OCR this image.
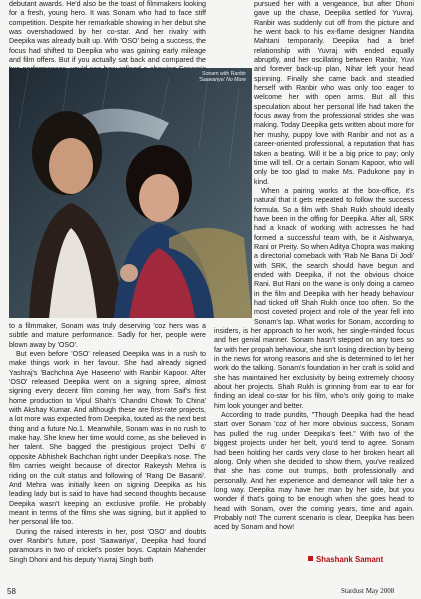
debutant awards. He'd also be the toast of filmmakers looking for a fresh, young hero. It was Sonam who had to face stiff competition. Despite her remarkable showing in her debut she was overshadowed by her co-star. And her rivalry with Deepika was already built up. With 'OSO' being a success, the focus had shifted to Deepika who was gaining early mileage and film offers. But if you actually sat back and compared the

Sonam with Ranbir
'Saawariya' No More

to a filmmaker, Sonam was truly deserving 'coz hers was a subtle and mature performance. Sadly for her, people were blown away by 'OSO'.

But even before 'OSO' released Deepika was in a rush to make things work in her favour. She had already signed Yashraj's 'Bachchna Aye Haseeno' with Ranbir Kapoor. After 'OSO' released Deepika went on a signing spree, almost signing every decent film coming her way, from Saif's first home production to Vipul Shah's 'Chandni Chowk To China' with Akshay Kumar. And although these are first-rate projects, a lot more was expected from Deepika, touted as the next best thing and a future No.1. Meanwhile, Sonam was in no rush to make hay. She knew her time would come, as she believed in her talent. She bagged the prestigious project 'Delhi 6' opposite Abhishek Bachchan right under Deepika's nose. The film carries weight because of director Rakeysh Mehra is riding on the cult status and following of 'Rang De Basanti'. And Mehra was initially keen on signing Deepika as his leading lady but is said to have had second thoughts because Deepika wasn't keeping an exclusive profile. He probably meant in terms of the films she was signing, but it applied to her personal life too.

During the raised interests in her, post 'OSO' and doubts over Ranbir's future, post 'Saawariya', Deepika had found paramours in two of cricket's poster boys. Captain Mahender Singh Dhoni and his deputy Yuvraj Singh both

pursued her with a vengeance, but after Dhoni gave up the chase, Deepika settled for Yuvraj. Ranbir was suddenly cut off from the picture and he went back to his ex-flame designer Nandita Mahtani temporarily. Deepika had a brief relationship with Yuvraj with ended equally abruptly, and her oscillating between Ranbir, Yuvi and forever back-up plan, Nihar left your head spinning. Finally she came back and steadied herself with Ranbir who was only too eager to welcome her with open arms. But all this speculation about her personal life had taken the focus away from the professional strides she was making. Today Deepika gets written about more for her mushy, puppy love with Ranbir and not as a career-oriented professional, a reputation that has taken a beating. Will it be a big price to pay; only time will tell. Or a certain Sonam Kapoor, who will only be too glad to make Ms. Padukone pay in kind.

When a pairing works at the box-office, it's natural that it gets repeated to follow the success formula. So a film with Shah Rukh should ideally have been in the offing for Deepika. After all, SRK had a knack of working with actresses he had formed a successful team with, be it Aishwarya, Rani or Preity. So when Aditya Chopra was making a directorial comeback with 'Rab Ne Bana Di Jodi' with SRK, the search should have begun and ended with Deepika, if not the obvious choice Rani. But Rani on the wane is only doing a cameo in the film and Deepika with her heady behaviour had ticked off Shah Rukh once too often. So the most coveted project and role of the year fell into Sonam's lap. What works for Sonam, according to insiders, is her approach to her work, her single-minded focus and her genial manner. Sonam hasn't stepped on any toes so far with her propah behaviour, she isn't losing direction by being in the news for wrong reasons and she is determined to let her work do the talking. Sonam's foundation in her craft is solid and she has maintained her exclusivity by being extremely choosy about her projects. Shah Rukh is grinning from ear to ear for finding an ideal co-star for his film, who's only going to make him look younger and better.

According to trade pundits, "Though Deepika had the head start over Sonam 'coz of her more obvious success, Sonam has pulled the rug under Deepika's feet." With two of the biggest projects under her belt, you'd tend to agree. Sonam had been holding her cards very close to her broken heart all along. Only when she decided to show them, you've realized that she has come out trumps, both professionally and personally. And her experience and demeanor will take her a long way. Deepika may have her man by her side, but you wonder if that's going to be enough when she goes head to head with Sonam, over the coming years, time and again. Probably not! The current scenario is clear, Deepika has been aced by Sonam and how!

Shashank Samant
58	Stardust May 2008
